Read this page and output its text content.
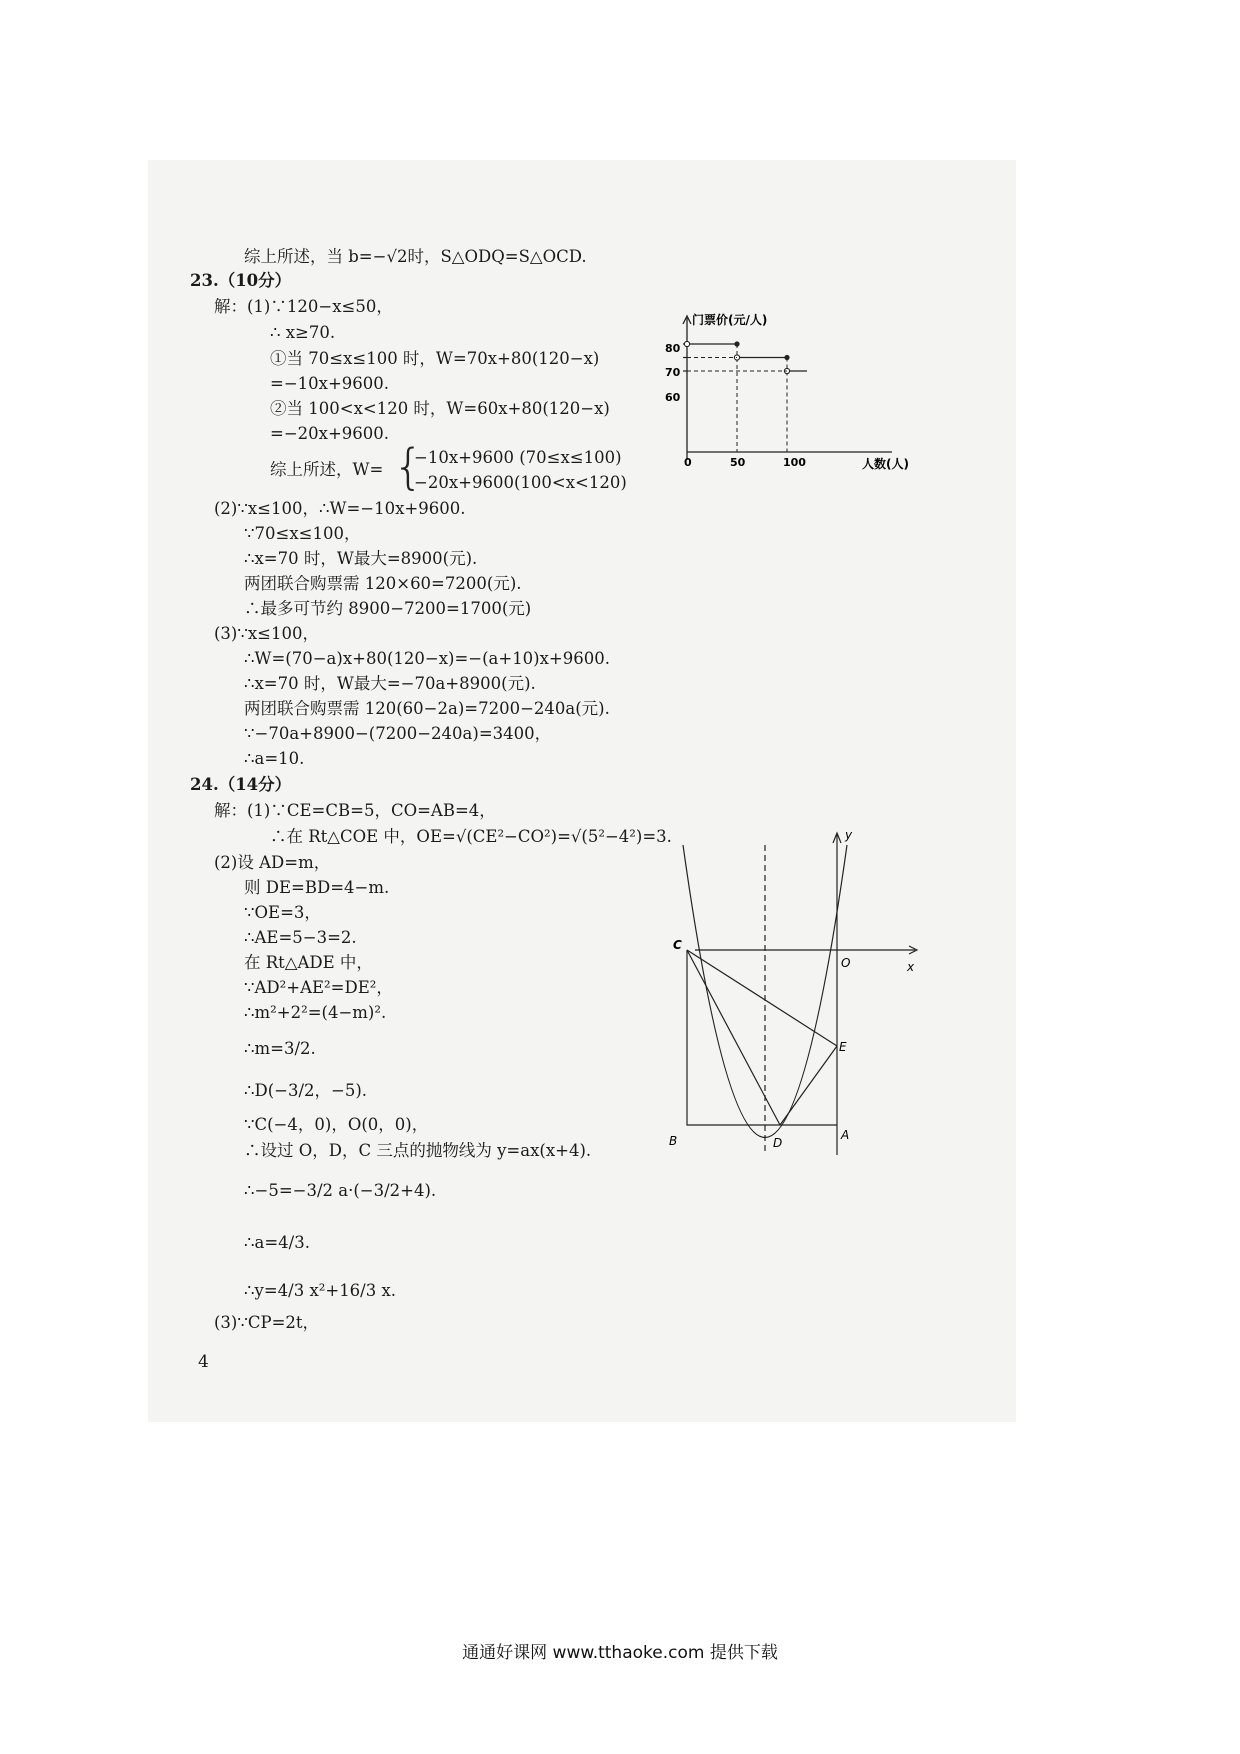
综上所述，当 b=−√2时，S△ODQ=S△OCD.
23.（10分）
解：(1)∵120−x≤50，
∴ x≥70.
①当 70≤x≤100 时，W=70x+80(120−x)
=−10x+9600.
②当 100<x<120 时，W=60x+80(120−x)
=−20x+9600.
综上所述，W= {
−10x+9600 (70≤x≤100)
−20x+9600(100<x<120)
(2)∵x≤100，∴W=−10x+9600.
∵70≤x≤100，
∴x=70 时，W最大=8900(元).
两团联合购票需 120×60=7200(元).
∴最多可节约 8900−7200=1700(元)
(3)∵x≤100，
∴W=(70−a)x+80(120−x)=−(a+10)x+9600.
∴x=70 时，W最大=−70a+8900(元).
两团联合购票需 120(60−2a)=7200−240a(元).
∵−70a+8900−(7200−240a)=3400，
∴a=10.
24.（14分）
解：(1)∵CE=CB=5，CO=AB=4，
∴在 Rt△COE 中，OE=√(CE²−CO²)=√(5²−4²)=3.
(2)设 AD=m，
则 DE=BD=4−m.
∵OE=3，
∴AE=5−3=2.
在 Rt△ADE 中，
∵AD²+AE²=DE²，
∴m²+2²=(4−m)².
∴m=3/2.
∴D(−3/2，−5).
∵C(−4，0)，O(0，0)，
∴设过 O，D，C 三点的抛物线为 y=ax(x+4).
∴−5=−3/2 a·(−3/2+4).
∴a=4/3.
∴y=4/3 x²+16/3 x.
(3)∵CP=2t，
4
门票价(元/人)
人数(人)
0
80
70
60
50	100
C
O	x
y
E
B	D
A
通通好课网 www.tthaoke.com 提供下载
